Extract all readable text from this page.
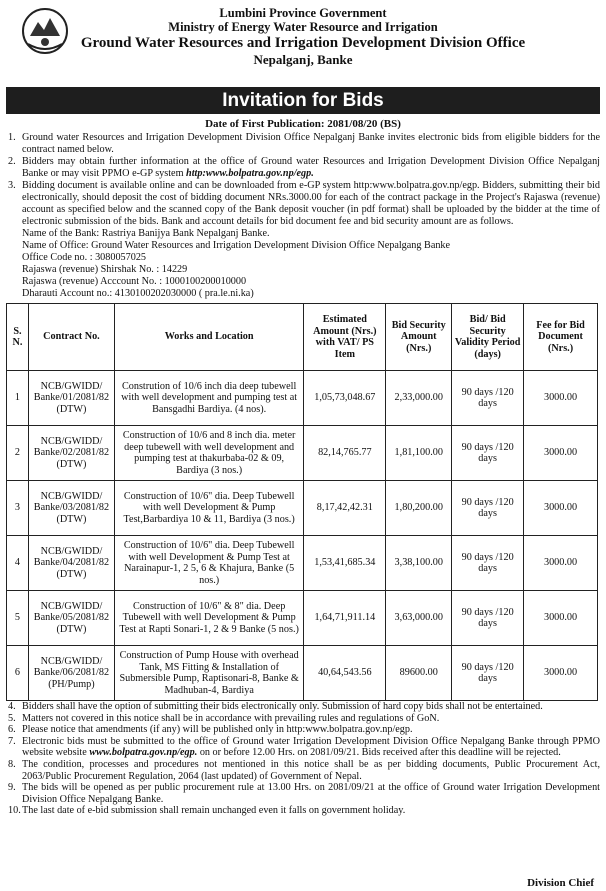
Lumbini Province Government
Ministry of Energy Water Resource and Irrigation
Ground Water Resources and Irrigation Development Division Office
Nepalganj, Banke
Invitation for Bids
Date of First Publication: 2081/08/20 (BS)
1. Ground water Resources and Irrigation Development Division Office Nepalganj Banke invites electronic bids from eligible bidders for the contract named below.
2. Bidders may obtain further information at the office of Ground water Resources and Irrigation Development Division Office Nepalganj Banke or may visit PPMO e-GP system http:www.bolpatra.gov.np/egp.
3. Bidding document is available online and can be downloaded from e-GP system http:www.bolpatra.gov.np/egp. Bidders, submitting their bid electronically, should deposit the cost of bidding document NRs.3000.00 for each of the contract package in the Project's Rajaswa (revenue) account as specified below and the scanned copy of the Bank deposit voucher (in pdf format) shall be uploaded by the bidder at the time of electronic submission of the bids. Bank and account details for bid document fee and bid security amount are as follows.
Name of the Bank: Rastriya Banijya Bank Nepalganj Banke.
Name of Office: Ground Water Resources and Irrigation Development Division Office Nepalgang Banke
Office Code no. : 3080057025
Rajaswa (revenue) Shirshak No. : 14229
Rajaswa (revenue) Acccount No. : 1000100200010000
Dharauti Account no.: 4130100202030000 ( pra.le.ni.ka)
S. N.	Contract No.	Works and Location	Estimated Amount (Nrs.) with VAT/ PS Item	Bid Security Amount (Nrs.)	Bid/ Bid Security Validity Period (days)	Fee for Bid Document (Nrs.)
1	NCB/GWIDD/ Banke/01/2081/82 (DTW)	Constrution of 10/6 inch dia deep tubewell with well development and pumping test at Bansgadhi Bardiya. (4 nos).	1,05,73,048.67	2,33,000.00	90 days /120 days	3000.00
2	NCB/GWIDD/ Banke/02/2081/82 (DTW)	Construction of 10/6 and 8 inch dia. meter deep tubewell with well development and pumping test at thakurbaba-02 & 09, Bardiya (3 nos.)	82,14,765.77	1,81,100.00	90 days /120 days	3000.00
3	NCB/GWIDD/ Banke/03/2081/82 (DTW)	Construction of 10/6" dia. Deep Tubewell with well Development & Pump Test,Barbardiya 10 & 11, Bardiya (3 nos.)	8,17,42,42.31	1,80,200.00	90 days /120 days	3000.00
4	NCB/GWIDD/ Banke/04/2081/82 (DTW)	Construction of 10/6" dia. Deep Tubewell with well Development & Pump Test at Narainapur-1, 2 5, 6 & Khajura, Banke (5 nos.)	1,53,41,685.34	3,38,100.00	90 days /120 days	3000.00
5	NCB/GWIDD/ Banke/05/2081/82 (DTW)	Construction of 10/6" & 8" dia. Deep Tubewell with well Development & Pump Test at Rapti Sonari-1, 2 & 9 Banke (5 nos.)	1,64,71,911.14	3,63,000.00	90 days /120 days	3000.00
6	NCB/GWIDD/ Banke/06/2081/82 (PH/Pump)	Construction of Pump House with overhead Tank, MS Fitting & Installation of Submersible Pump, Raptisonari-8, Banke & Madhuban-4, Bardiya	40,64,543.56	89600.00	90 days /120 days	3000.00
4. Bidders shall have the option of submitting their bids electronically only. Submission of hard copy bids shall not be entertained.
5. Matters not covered in this notice shall be in accordance with prevailing rules and regulations of GoN.
6. Please notice that amendments (if any) will be published only in http:www.bolpatra.gov.np/egp.
7. Electronic bids must be submitted to the office of Ground water Irrigation Development Division Office Nepalgang Banke through PPMO website website www.bolpatra.gov.np/egp. on or before 12.00 Hrs. on 2081/09/21. Bids received after this deadline will be rejected.
8. The condition, processes and procedures not mentioned in this notice shall be as per bidding documents, Public Procurement Act, 2063/Public Procurement Regulation, 2064 (last updated) of Government of Nepal.
9. The bids will be opened as per public procurement rule at 13.00 Hrs. on 2081/09/21 at the office of Ground water Irrigation Development Division Office Nepalgang Banke.
10. The last date of e-bid submission shall remain unchanged even it falls on government holiday.
Division Chief
